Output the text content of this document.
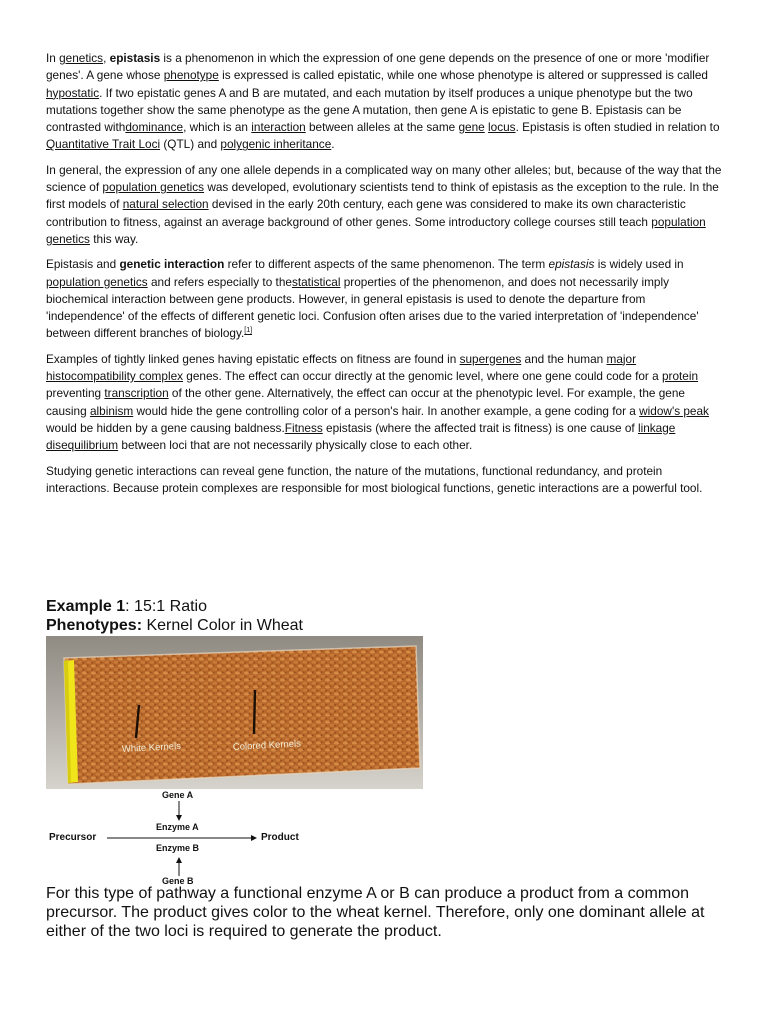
In genetics, epistasis is a phenomenon in which the expression of one gene depends on the presence of one or more 'modifier genes'. A gene whose phenotype is expressed is called epistatic, while one whose phenotype is altered or suppressed is called hypostatic. If two epistatic genes A and B are mutated, and each mutation by itself produces a unique phenotype but the two mutations together show the same phenotype as the gene A mutation, then gene A is epistatic to gene B. Epistasis can be contrasted withdominance, which is an interaction between alleles at the same gene locus. Epistasis is often studied in relation to Quantitative Trait Loci (QTL) and polygenic inheritance.

In general, the expression of any one allele depends in a complicated way on many other alleles; but, because of the way that the science of population genetics was developed, evolutionary scientists tend to think of epistasis as the exception to the rule. In the first models of natural selection devised in the early 20th century, each gene was considered to make its own characteristic contribution to fitness, against an average background of other genes. Some introductory college courses still teach population genetics this way.

Epistasis and genetic interaction refer to different aspects of the same phenomenon. The term epistasis is widely used in population genetics and refers especially to thestatistical properties of the phenomenon, and does not necessarily imply biochemical interaction between gene products. However, in general epistasis is used to denote the departure from 'independence' of the effects of different genetic loci. Confusion often arises due to the varied interpretation of 'independence' between different branches of biology.[1]

Examples of tightly linked genes having epistatic effects on fitness are found in supergenes and the human major histocompatibility complex genes. The effect can occur directly at the genomic level, where one gene could code for a protein preventing transcription of the other gene. Alternatively, the effect can occur at the phenotypic level. For example, the gene causing albinism would hide the gene controlling color of a person's hair. In another example, a gene coding for a widow's peak would be hidden by a gene causing baldness.Fitness epistasis (where the affected trait is fitness) is one cause of linkage disequilibrium between loci that are not necessarily physically close to each other.

Studying genetic interactions can reveal gene function, the nature of the mutations, functional redundancy, and protein interactions. Because protein complexes are responsible for most biological functions, genetic interactions are a powerful tool.

Example 1: 15:1 Ratio

Phenotypes: Kernel Color in Wheat

White Kernels	Colored Kernels
Gene A
Enzyme A
Precursor	Product
Enzyme B
Gene B

For this type of pathway a functional enzyme A or B can produce a product from a common precursor. The product gives color to the wheat kernel. Therefore, only one dominant allele at either of the two loci is required to generate the product.
